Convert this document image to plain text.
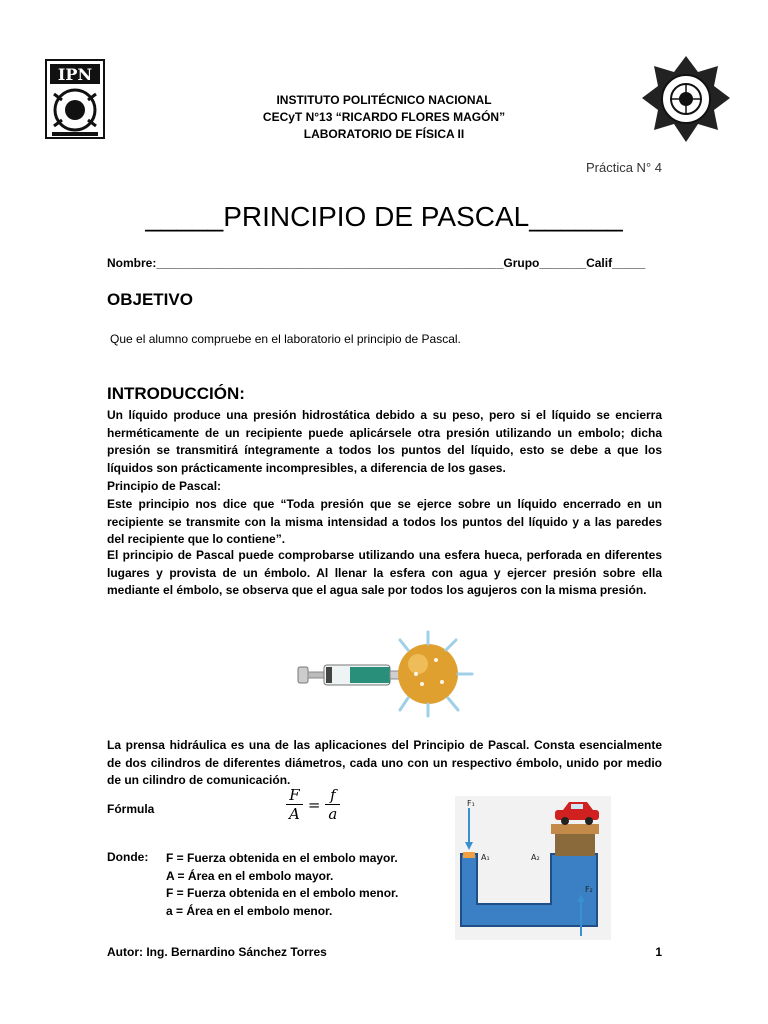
IPN
INSTITUTO POLITÉCNICO NACIONAL
CECyT N°13 “RICARDO FLORES MAGÓN”
LABORATORIO DE FÍSICA II
Práctica N° 4
_____PRINCIPIO DE PASCAL______
Nombre:____________________________________________________Grupo_______Calif_____
OBJETIVO
Que el alumno compruebe en el laboratorio el principio de Pascal.
INTRODUCCIÓN:
Un líquido produce una presión hidrostática debido a su peso, pero si el líquido se encierra herméticamente de un recipiente puede aplicársele otra presión utilizando un embolo; dicha presión se transmitirá íntegramente a todos los puntos del líquido, esto se debe a que los líquidos son prácticamente incompresibles, a diferencia de los gases.
Principio de Pascal:
Este principio nos dice que “Toda presión que se ejerce sobre un líquido encerrado en un recipiente se transmite con la misma intensidad a todos los puntos del líquido y a las paredes del recipiente que lo contiene”.
El principio de Pascal puede comprobarse utilizando una esfera hueca, perforada en diferentes lugares y provista de un émbolo. Al llenar la esfera con agua y ejercer presión sobre ella mediante el émbolo, se observa que el agua sale por todos los agujeros con la misma presión.
La prensa hidráulica es una de las aplicaciones del Principio de Pascal. Consta esencialmente de dos cilindros de diferentes diámetros, cada uno con un respectivo émbolo, unido por medio de un cilindro de comunicación.
Fórmula	$\frac{F}{A} = \frac{f}{a}$
Donde: F = Fuerza obtenida en el embolo mayor.
A = Área en el embolo mayor.
F = Fuerza obtenida en el embolo menor.
a = Área en el embolo menor.
F₁
A₁	A₂
F₂
Autor: Ing. Bernardino Sánchez Torres	1
